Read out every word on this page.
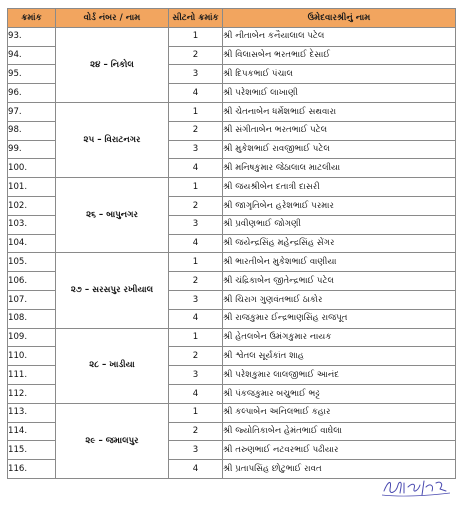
ક્રમાંક	વોર્ડ નંબર / નામ	સીટનો ક્રમાંક	ઉમેદવારશ્રીનું નામ
93.	૨૪ – નિકોલ	1	શ્રી નીતાબેન કનૈયાલાલ પટેલ
94.		2	શ્રી વિલાસબેન ભરતભાઈ દેસાઈ
95.		3	શ્રી દિપકભાઈ પંચાલ
96.		4	શ્રી પરેશભાઈ લાખાણી
97.	૨૫ – વિરાટનગર	1	શ્રી ચેતનાબેન ધર્મેશભાઈ સથવારા
98.		2	શ્રી સંગીતાબેન ભરતભાઈ પટેલ
99.		3	શ્રી મુકેશભાઈ રાવજીભાઈ પટેલ
100.		4	શ્રી મનિષકુમાર જેઠાલાલ માટલીયા
101.	૨૬ – બાપુનગર	1	શ્રી જયશ્રીબેન દતાત્રી દાસરી
102.		2	શ્રી જાગૃતિબેન હરેશભાઈ પરમાર
103.		3	શ્રી પ્રવીણભાઈ જોગણી
104.		4	શ્રી જયેન્દ્રસિંહ મહેન્દ્રસિંહ સેંગર
105.	૨૭ – સરસપુર રખીયાલ	1	શ્રી ભારતીબેન મુકેશભાઈ વાણીયા
106.		2	શ્રી ચંદ્રિકાબેન જીતેન્દ્રભાઈ પટેલ
107.		3	શ્રી ચિરાગ ગુણવંતભાઈ ઠાકોર
108.		4	શ્રી રાજકુમાર ઈન્દ્રભાણસિંહ રાજપૂત
109.	૨૮ – ખાડીયા	1	શ્રી હેતલબેન ઉમંગકુમાર નાયક
110.		2	શ્રી શ્વેતલ સૂર્યકાંત શાહ
111.		3	શ્રી પરેશકુમાર લાલજીભાઈ આનંદ
112.		4	શ્રી પંકજકુમાર બચુભાઈ ભટ્ટ
113.	૨૯ – જમાલપુર	1	શ્રી કલ્પાબેન અનિલભાઈ કહાર
114.		2	શ્રી જ્યોતિકાબેન હેમંતભાઈ વાઘેલા
115.		3	શ્રી તરુણભાઈ નટવરભાઈ પઢીયાર
116.		4	શ્રી પ્રતાપસિંહ છોટુભાઈ રાવત
